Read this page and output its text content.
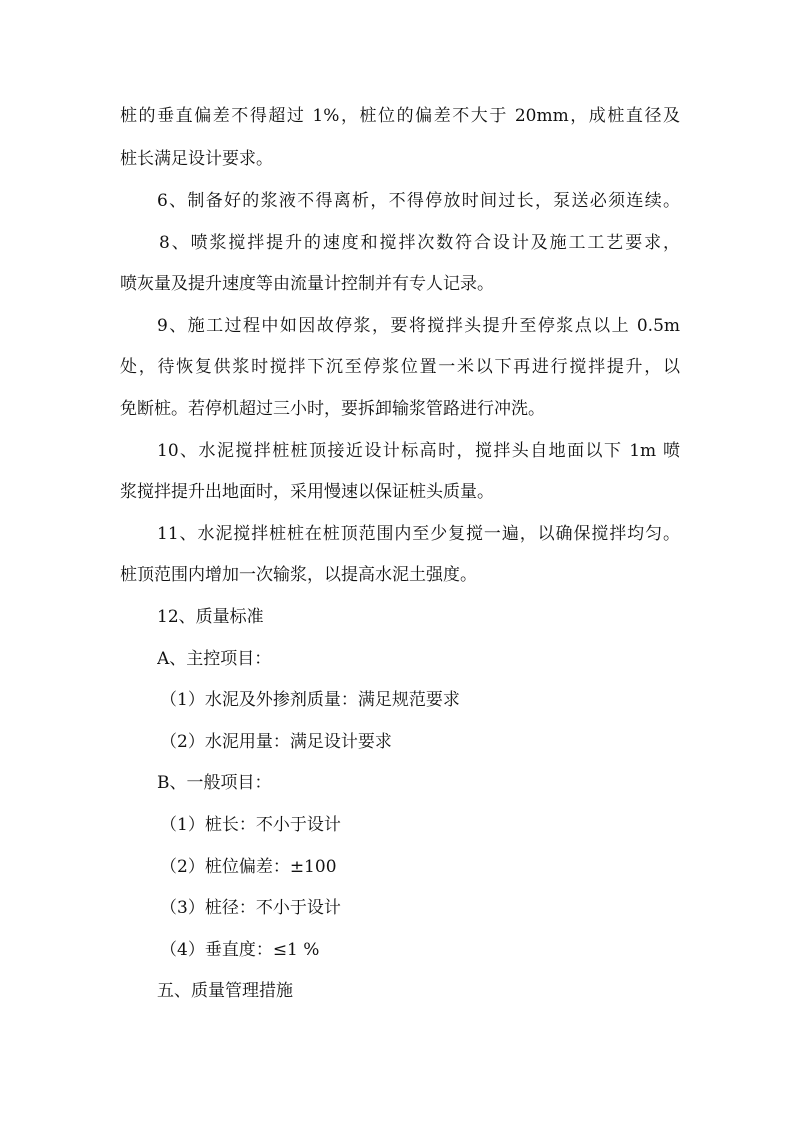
桩的垂直偏差不得超过 1%，桩位的偏差不大于 20mm，成桩直径及
桩长满足设计要求。
6、制备好的浆液不得离析，不得停放时间过长，泵送必须连续。
8、喷浆搅拌提升的速度和搅拌次数符合设计及施工工艺要求，
喷灰量及提升速度等由流量计控制并有专人记录。
9、施工过程中如因故停浆，要将搅拌头提升至停浆点以上 0.5m
处，待恢复供浆时搅拌下沉至停浆位置一米以下再进行搅拌提升，以
免断桩。若停机超过三小时，要拆卸输浆管路进行冲洗。
10、水泥搅拌桩桩顶接近设计标高时，搅拌头自地面以下 1m 喷
浆搅拌提升出地面时，采用慢速以保证桩头质量。
11、水泥搅拌桩桩在桩顶范围内至少复搅一遍，以确保搅拌均匀。
桩顶范围内增加一次输浆，以提高水泥土强度。
12、质量标准
A、主控项目：
（1）水泥及外掺剂质量：满足规范要求
（2）水泥用量：满足设计要求
B、一般项目：
（1）桩长：不小于设计
（2）桩位偏差：±100
（3）桩径：不小于设计
（4）垂直度：≤1 %
五、质量管理措施
